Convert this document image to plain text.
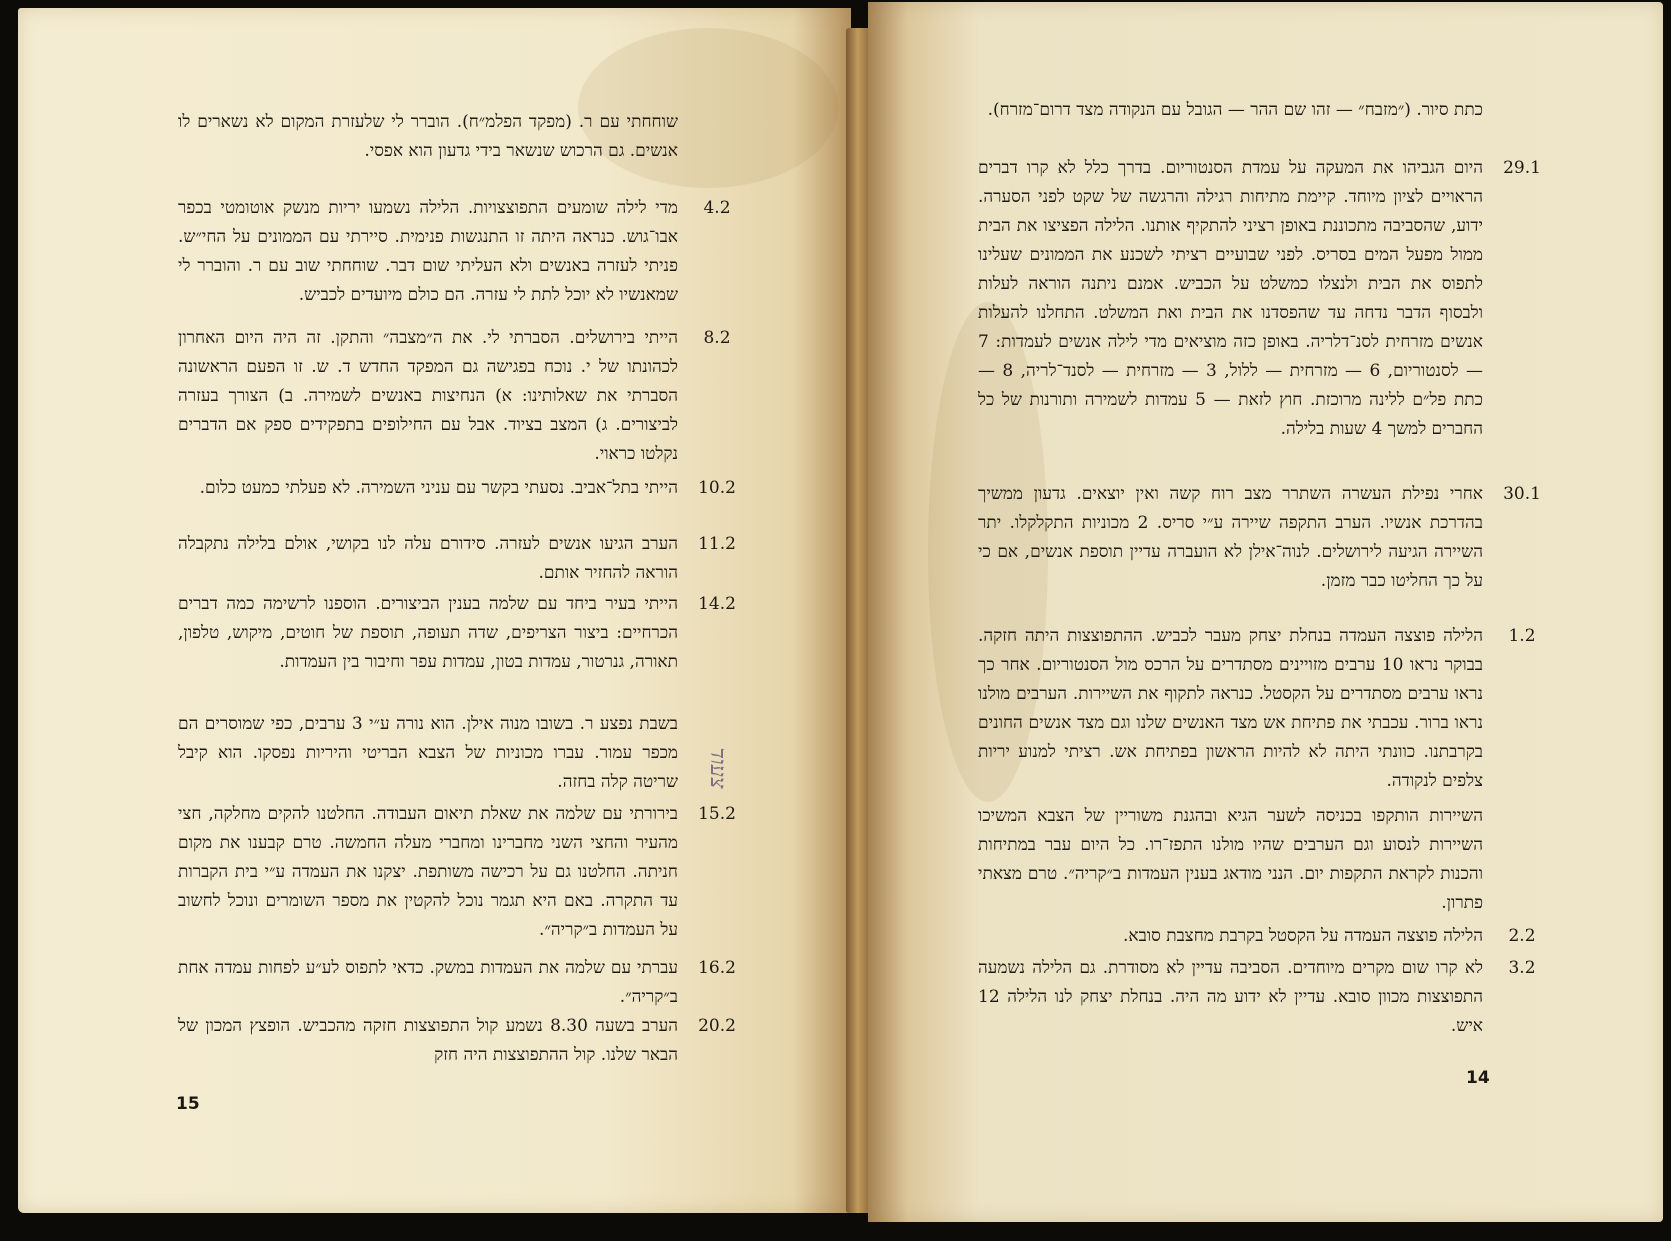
שוחחתי עם ר. (מפקד הפלמ״ח). הוברר לי שלעזרת המקום לא נשארים לו אנשים. גם הרכוש שנשאר בידי גדעון הוא אפסי.
4.2
מדי לילה שומעים התפוצצויות. הלילה נשמעו יריות מנשק אוטומטי בכפר אבו־גוש. כנראה היתה זו התנגשות פנימית. סיירתי עם הממונים על החי״ש. פניתי לעזרה באנשים ולא העליתי שום דבר. שוחחתי שוב עם ר. והוברר לי שמאנשיו לא יוכל לתת לי עזרה. הם כולם מיועדים לכביש.
8.2
הייתי בירושלים. הסברתי לי. את ה״מצבה״ והתקן. זה היה היום האחרון לכהונתו של י. נוכח בפגישה גם המפקד החדש ד. ש. זו הפעם הראשונה הסברתי את שאלותינו: א) הנחיצות באנשים לשמירה. ב) הצורך בעזרה לביצורים. ג) המצב בציוד. אבל עם החילופים בתפקידים ספק אם הדברים נקלטו כראוי.
10.2
הייתי בתל־אביב. נסעתי בקשר עם עניני השמירה. לא פעלתי כמעט כלום.
11.2
הערב הגיעו אנשים לעזרה. סידורם עלה לנו בקושי, אולם בלילה נתקבלה הוראה להחזיר אותם.
14.2
הייתי בעיר ביחד עם שלמה בענין הביצורים. הוספנו לרשימה כמה דברים הכרחיים: ביצור הצריפים, שדה תעופה, תוספת של חוטים, מיקוש, טלפון, תאורה, גנרטור, עמדות בטון, עמדות עפר וחיבור בין העמדות.
בשבת נפצע ר. בשובו מנוה אילן. הוא נורה ע״י 3 ערבים, כפי שמוסרים הם מכפר עמור. עברו מכוניות של הצבא הבריטי והיריות נפסקו. הוא קיבל שריטה קלה בחזה.
15.2
בירורתי עם שלמה את שאלת תיאום העבודה. החלטנו להקים מחלקה, חצי מהעיר והחצי השני מחברינו ומחברי מעלה החמשה. טרם קבענו את מקום חניתה. החלטנו גם על רכישה משותפת. יצקנו את העמדה ע״י בית הקברות עד התקרה. באם היא תגמר נוכל להקטין את מספר השומרים ונוכל לחשוב על העמדות ב״קריה״.
16.2
עברתי עם שלמה את העמדות במשק. כדאי לתפוס לע״ע לפחות עמדה אחת ב״קריה״.
20.2
הערב בשעה 8.30 נשמע קול התפוצצות חזקה מהכביש. הופצץ המכון של הבאר שלנו. קול ההתפוצצות היה חזק
צעוד
15
כתת סיור. (״מזבח״ — זהו שם ההר — הגובל עם הנקודה מצד דרום־מזרח).
29.1
היום הגביהו את המעקה על עמדת הסנטוריום. בדרך כלל לא קרו דברים הראויים לציון מיוחד. קיימת מתיחות רגילה והרגשה של שקט לפני הסערה. ידוע, שהסביבה מתכוננת באופן רציני להתקיף אותנו. הלילה הפציצו את הבית ממול מפעל המים בסריס. לפני שבועיים רציתי לשכנע את הממונים שעלינו לתפוס את הבית ולנצלו כמשלט על הכביש. אמנם ניתנה הוראה לעלות ולבסוף הדבר נדחה עד שהפסדנו את הבית ואת המשלט. התחלנו להעלות אנשים מזרחית לסנ־דלריה. באופן כזה מוציאים מדי לילה אנשים לעמדות: 7 — לסנטוריום, 6 — מזרחית — ללול, 3 — מזרחית — לסנד־לריה, 8 — כתת פל״ם ללינה מרוכזת. חוץ לזאת — 5 עמדות לשמירה ותורנות של כל החברים למשך 4 שעות בלילה.
30.1
אחרי נפילת העשרה השתרר מצב רוח קשה ואין יוצאים. גדעון ממשיך בהדרכת אנשיו. הערב התקפה שיירה ע״י סריס. 2 מכוניות התקלקלו. יתר השיירה הגיעה לירושלים. לנוה־אילן לא הועברה עדיין תוספת אנשים, אם כי על כך החליטו כבר מזמן.
1.2
הלילה פוצצה העמדה בנחלת יצחק מעבר לכביש. ההתפוצצות היתה חזקה. בבוקר נראו 10 ערבים מזויינים מסתדרים על הרכס מול הסנטוריום. אחר כך נראו ערבים מסתדרים על הקסטל. כנראה לתקוף את השיירות. הערבים מולנו נראו ברור. עכבתי את פתיחת אש מצד האנשים שלנו וגם מצד אנשים החונים בקרבתנו. כוונתי היתה לא להיות הראשון בפתיחת אש. רציתי למנוע יריות צלפים לנקודה.
השיירות הותקפו בכניסה לשער הגיא ובהגנת משוריין של הצבא המשיכו השיירות לנסוע וגם הערבים שהיו מולנו התפז־רו. כל היום עבר במתיחות והכנות לקראת התקפות יום. הנני מודאג בענין העמדות ב״קריה״. טרם מצאתי פתרון.
2.2
הלילה פוצצה העמדה על הקסטל בקרבת מחצבת סובא.
3.2
לא קרו שום מקרים מיוחדים. הסביבה עדיין לא מסודרת. גם הלילה נשמעה התפוצצות מכוון סובא. עדיין לא ידוע מה היה. בנחלת יצחק לנו הלילה 12 איש.
14
